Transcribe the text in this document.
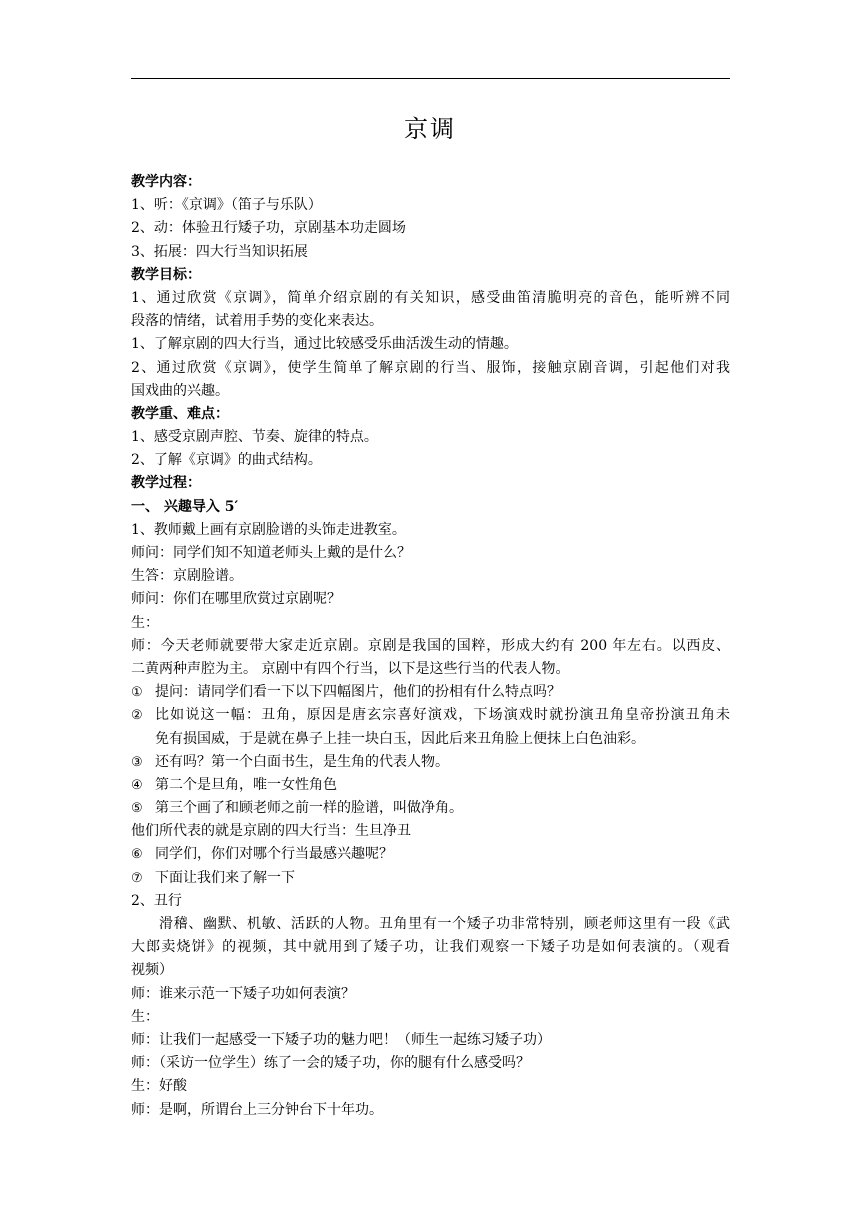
京调
教学内容：
1、听：《京调》（笛子与乐队）
2、动：体验丑行矮子功，京剧基本功走圆场
3、拓展：四大行当知识拓展
教学目标：
1、通过欣赏《京调》，简单介绍京剧的有关知识，感受曲笛清脆明亮的音色，能听辨不同
段落的情绪，试着用手势的变化来表达。
1、了解京剧的四大行当，通过比较感受乐曲活泼生动的情趣。
2、通过欣赏《京调》，使学生简单了解京剧的行当、服饰，接触京剧音调，引起他们对我
国戏曲的兴趣。
教学重、难点：
1、感受京剧声腔、节奏、旋律的特点。
2、了解《京调》的曲式结构。
教学过程：
一、 兴趣导入 5′
1、教师戴上画有京剧脸谱的头饰走进教室。
师问：同学们知不知道老师头上戴的是什么？
生答：京剧脸谱。
师问：你们在哪里欣赏过京剧呢？
生：
师：今天老师就要带大家走近京剧。京剧是我国的国粹，形成大约有 200 年左右。以西皮、
二黄两种声腔为主。 京剧中有四个行当，以下是这些行当的代表人物。
① 提问：请同学们看一下以下四幅图片，他们的扮相有什么特点吗？
② 比如说这一幅：丑角，原因是唐玄宗喜好演戏，下场演戏时就扮演丑角皇帝扮演丑角未
免有损国威，于是就在鼻子上挂一块白玉，因此后来丑角脸上便抹上白色油彩。
③ 还有吗？第一个白面书生，是生角的代表人物。
④ 第二个是旦角，唯一女性角色
⑤ 第三个画了和顾老师之前一样的脸谱，叫做净角。
他们所代表的就是京剧的四大行当：生旦净丑
⑥ 同学们，你们对哪个行当最感兴趣呢？
⑦ 下面让我们来了解一下
2、丑行
滑稽、幽默、机敏、活跃的人物。丑角里有一个矮子功非常特别，顾老师这里有一段《武
大郎卖烧饼》的视频，其中就用到了矮子功，让我们观察一下矮子功是如何表演的。（观看
视频）
师：谁来示范一下矮子功如何表演？
生：
师：让我们一起感受一下矮子功的魅力吧！（师生一起练习矮子功）
师：（采访一位学生）练了一会的矮子功，你的腿有什么感受吗？
生：好酸
师：是啊，所谓台上三分钟台下十年功。
